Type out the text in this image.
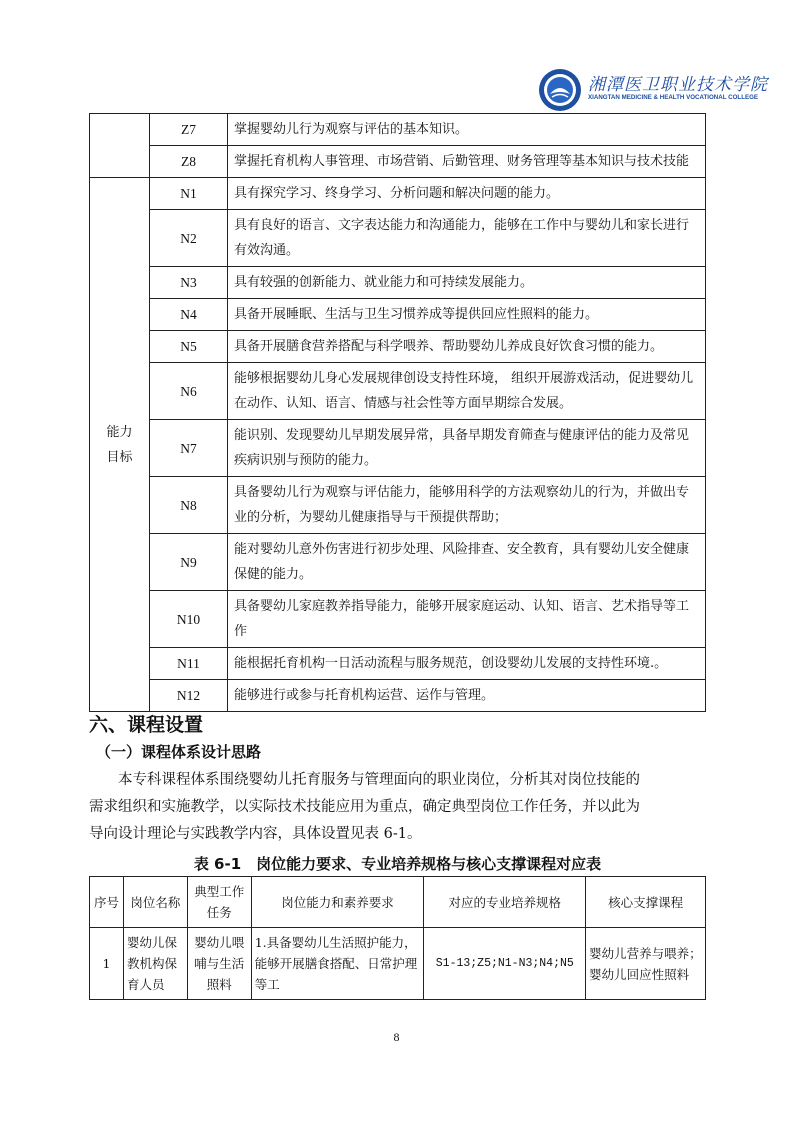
湘潭医卫职业技术学院
XIANGTAN MEDICINE & HEALTH VOCATIONAL COLLEGE
	Z7	掌握婴幼儿行为观察与评估的基本知识。
	Z8	掌握托育机构人事管理、市场营销、后勤管理、财务管理等基本知识与技术技能

能力
目标	N1	具有探究学习、终身学习、分析问题和解决问题的能力。
	N2	具有良好的语言、文字表达能力和沟通能力，能够在工作中与婴幼儿和家长进行有效沟通。
	N3	具有较强的创新能力、就业能力和可持续发展能力。
	N4	具备开展睡眠、生活与卫生习惯养成等提供回应性照料的能力。
	N5	具备开展膳食营养搭配与科学喂养、帮助婴幼儿养成良好饮食习惯的能力。
	N6	能够根据婴幼儿身心发展规律创设支持性环境， 组织开展游戏活动，促进婴幼儿在动作、认知、语言、情感与社会性等方面早期综合发展。
	N7	能识别、发现婴幼儿早期发展异常，具备早期发育筛查与健康评估的能力及常见疾病识别与预防的能力。
	N8	具备婴幼儿行为观察与评估能力，能够用科学的方法观察幼儿的行为，并做出专业的分析，为婴幼儿健康指导与干预提供帮助；
	N9	能对婴幼儿意外伤害进行初步处理、风险排查、安全教育，具有婴幼儿安全健康保健的能力。
	N10	具备婴幼儿家庭教养指导能力，能够开展家庭运动、认知、语言、艺术指导等工作
	N11	能根据托育机构一日活动流程与服务规范，创设婴幼儿发展的支持性环境.。
	N12	能够进行或参与托育机构运营、运作与管理。
六、课程设置
（一）课程体系设计思路

本专科课程体系围绕婴幼儿托育服务与管理面向的职业岗位，分析其对岗位技能的
需求组织和实施教学，以实际技术技能应用为重点，确定典型岗位工作任务，并以此为
导向设计理论与实践教学内容，具体设置见表 6-1。

表 6-1　岗位能力要求、专业培养规格与核心支撑课程对应表
序号	岗位名称	典型工作任务	岗位能力和素养要求	对应的专业培养规格	核心支撑课程
1	婴幼儿保教机构保育人员	婴幼儿喂哺与生活照料	1.具备婴幼儿生活照护能力，能够开展膳食搭配、日常护理等工	S1-13;Z5;N1-N3;N4;N5	婴幼儿营养与喂养；婴幼儿回应性照料
8
